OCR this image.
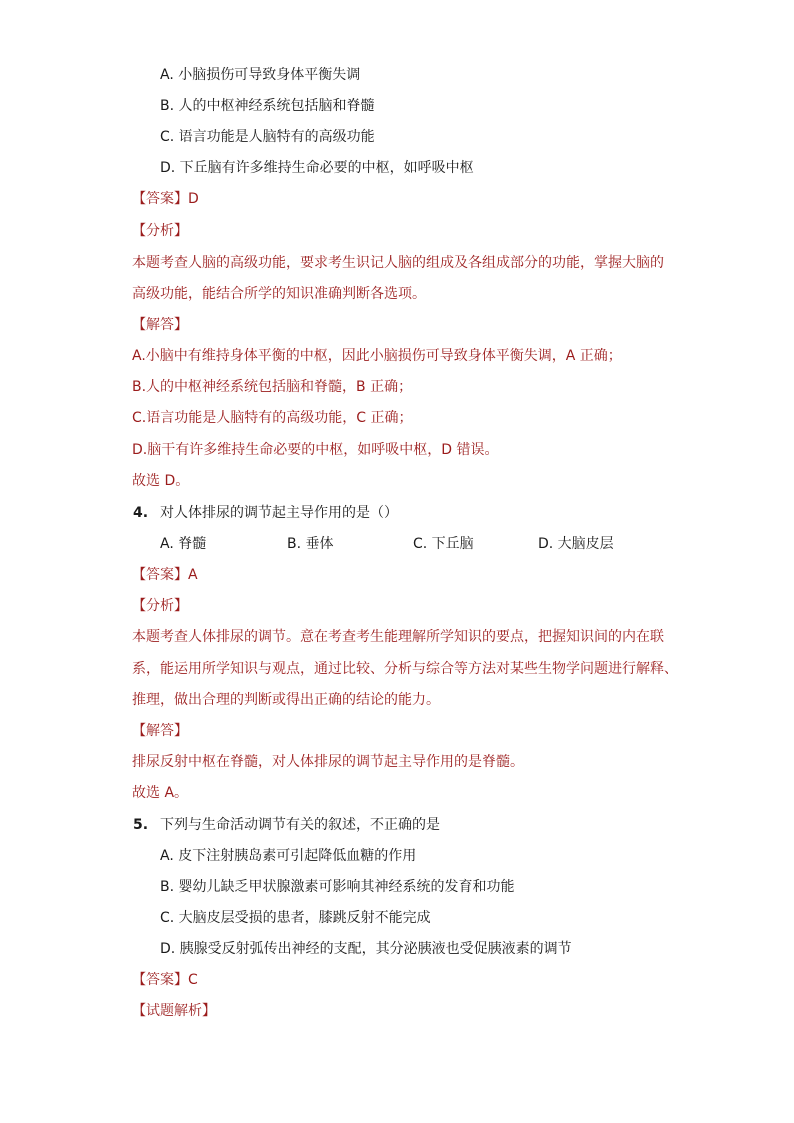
A. 小脑损伤可导致身体平衡失调
B. 人的中枢神经系统包括脑和脊髓
C. 语言功能是人脑特有的高级功能
D. 下丘脑有许多维持生命必要的中枢，如呼吸中枢
【答案】D
【分析】
本题考查人脑的高级功能，要求考生识记人脑的组成及各组成部分的功能，掌握大脑的
高级功能，能结合所学的知识准确判断各选项。
【解答】
A.小脑中有维持身体平衡的中枢，因此小脑损伤可导致身体平衡失调，A 正确；
B.人的中枢神经系统包括脑和脊髓，B 正确；
C.语言功能是人脑特有的高级功能，C 正确；
D.脑干有许多维持生命必要的中枢，如呼吸中枢，D 错误。
故选 D。
4. 对人体排尿的调节起主导作用的是（）
A. 脊髓	B. 垂体	C. 下丘脑	D. 大脑皮层
【答案】A
【分析】
本题考查人体排尿的调节。意在考查考生能理解所学知识的要点，把握知识间的内在联
系，能运用所学知识与观点，通过比较、分析与综合等方法对某些生物学问题进行解释、
推理，做出合理的判断或得出正确的结论的能力。
【解答】
排尿反射中枢在脊髓，对人体排尿的调节起主导作用的是脊髓。
故选 A。
5. 下列与生命活动调节有关的叙述，不正确的是
A. 皮下注射胰岛素可引起降低血糖的作用
B. 婴幼儿缺乏甲状腺激素可影响其神经系统的发育和功能
C. 大脑皮层受损的患者，膝跳反射不能完成
D. 胰腺受反射弧传出神经的支配，其分泌胰液也受促胰液素的调节
【答案】C
【试题解析】
